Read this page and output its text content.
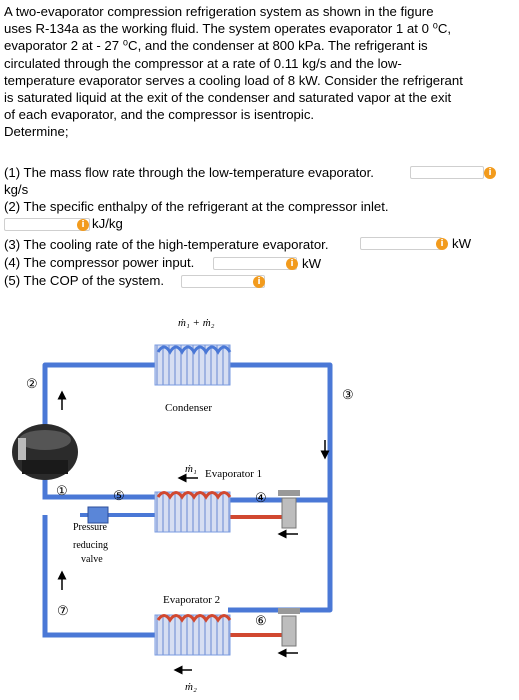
A two-evaporator compression refrigeration system as shown in the figure

uses R-134a as the working fluid. The system operates evaporator 1 at 0 ⁰C,

evaporator 2 at - 27 ⁰C, and the condenser at 800 kPa. The refrigerant is

circulated through the compressor at a rate of 0.11 kg/s and the low-

temperature evaporator serves a cooling load of 8 kW. Consider the refrigerant

is saturated liquid at the exit of the condenser and saturated vapor at the exit

of each evaporator, and the compressor is isentropic.

Determine;

(1) The mass flow rate through the low-temperature evaporator.	i
kg/s
(2) The specific enthalpy of the refrigerant at the compressor inlet.
i kJ/kg
(3) The cooling rate of the high-temperature evaporator.	i kW
(4) The compressor power input.	i kW
(5) The COP of the system.	i
ṁ₁ + ṁ₂
Condenser
ṁ₁ Evaporator 1
Pressure
reducing
valve
Evaporator 2
ṁ₂
①
②
③
④
⑤
⑥
⑦
